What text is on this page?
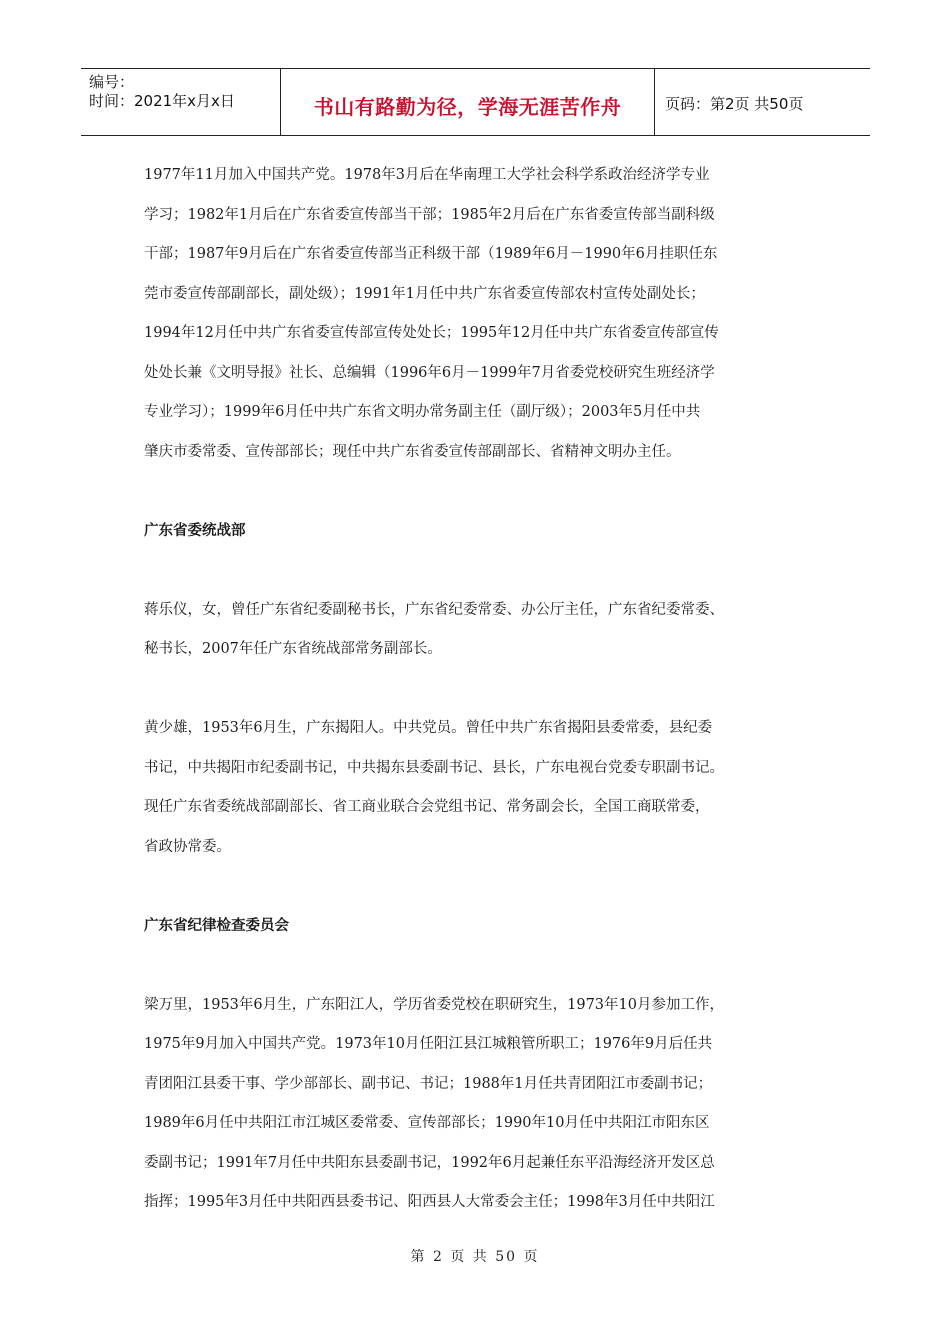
编号：
时间：2021年x月x日	书山有路勤为径，学海无涯苦作舟	页码：第2页 共50页

1977年11月加入中国共产党。1978年3月后在华南理工大学社会科学系政治经济学专业

学习；1982年1月后在广东省委宣传部当干部；1985年2月后在广东省委宣传部当副科级

干部；1987年9月后在广东省委宣传部当正科级干部（1989年6月－1990年6月挂职任东

莞市委宣传部副部长，副处级）；1991年1月任中共广东省委宣传部农村宣传处副处长；

1994年12月任中共广东省委宣传部宣传处处长；1995年12月任中共广东省委宣传部宣传

处处长兼《文明导报》社长、总编辑（1996年6月－1999年7月省委党校研究生班经济学

专业学习）；1999年6月任中共广东省文明办常务副主任（副厅级）；2003年5月任中共

肇庆市委常委、宣传部部长；现任中共广东省委宣传部副部长、省精神文明办主任。

广东省委统战部

蒋乐仪，女，曾任广东省纪委副秘书长，广东省纪委常委、办公厅主任，广东省纪委常委、

秘书长，2007年任广东省统战部常务副部长。

黄少雄，1953年6月生，广东揭阳人。中共党员。曾任中共广东省揭阳县委常委，县纪委

书记，中共揭阳市纪委副书记，中共揭东县委副书记、县长，广东电视台党委专职副书记。

现任广东省委统战部副部长、省工商业联合会党组书记、常务副会长，全国工商联常委，

省政协常委。

广东省纪律检查委员会

梁万里，1953年6月生，广东阳江人，学历省委党校在职研究生，1973年10月参加工作，

1975年9月加入中国共产党。1973年10月任阳江县江城粮管所职工；1976年9月后任共

青团阳江县委干事、学少部部长、副书记、书记；1988年1月任共青团阳江市委副书记；

1989年6月任中共阳江市江城区委常委、宣传部部长；1990年10月任中共阳江市阳东区

委副书记；1991年7月任中共阳东县委副书记，1992年6月起兼任东平沿海经济开发区总

指挥；1995年3月任中共阳西县委书记、阳西县人大常委会主任；1998年3月任中共阳江

第 2 页 共 50 页
